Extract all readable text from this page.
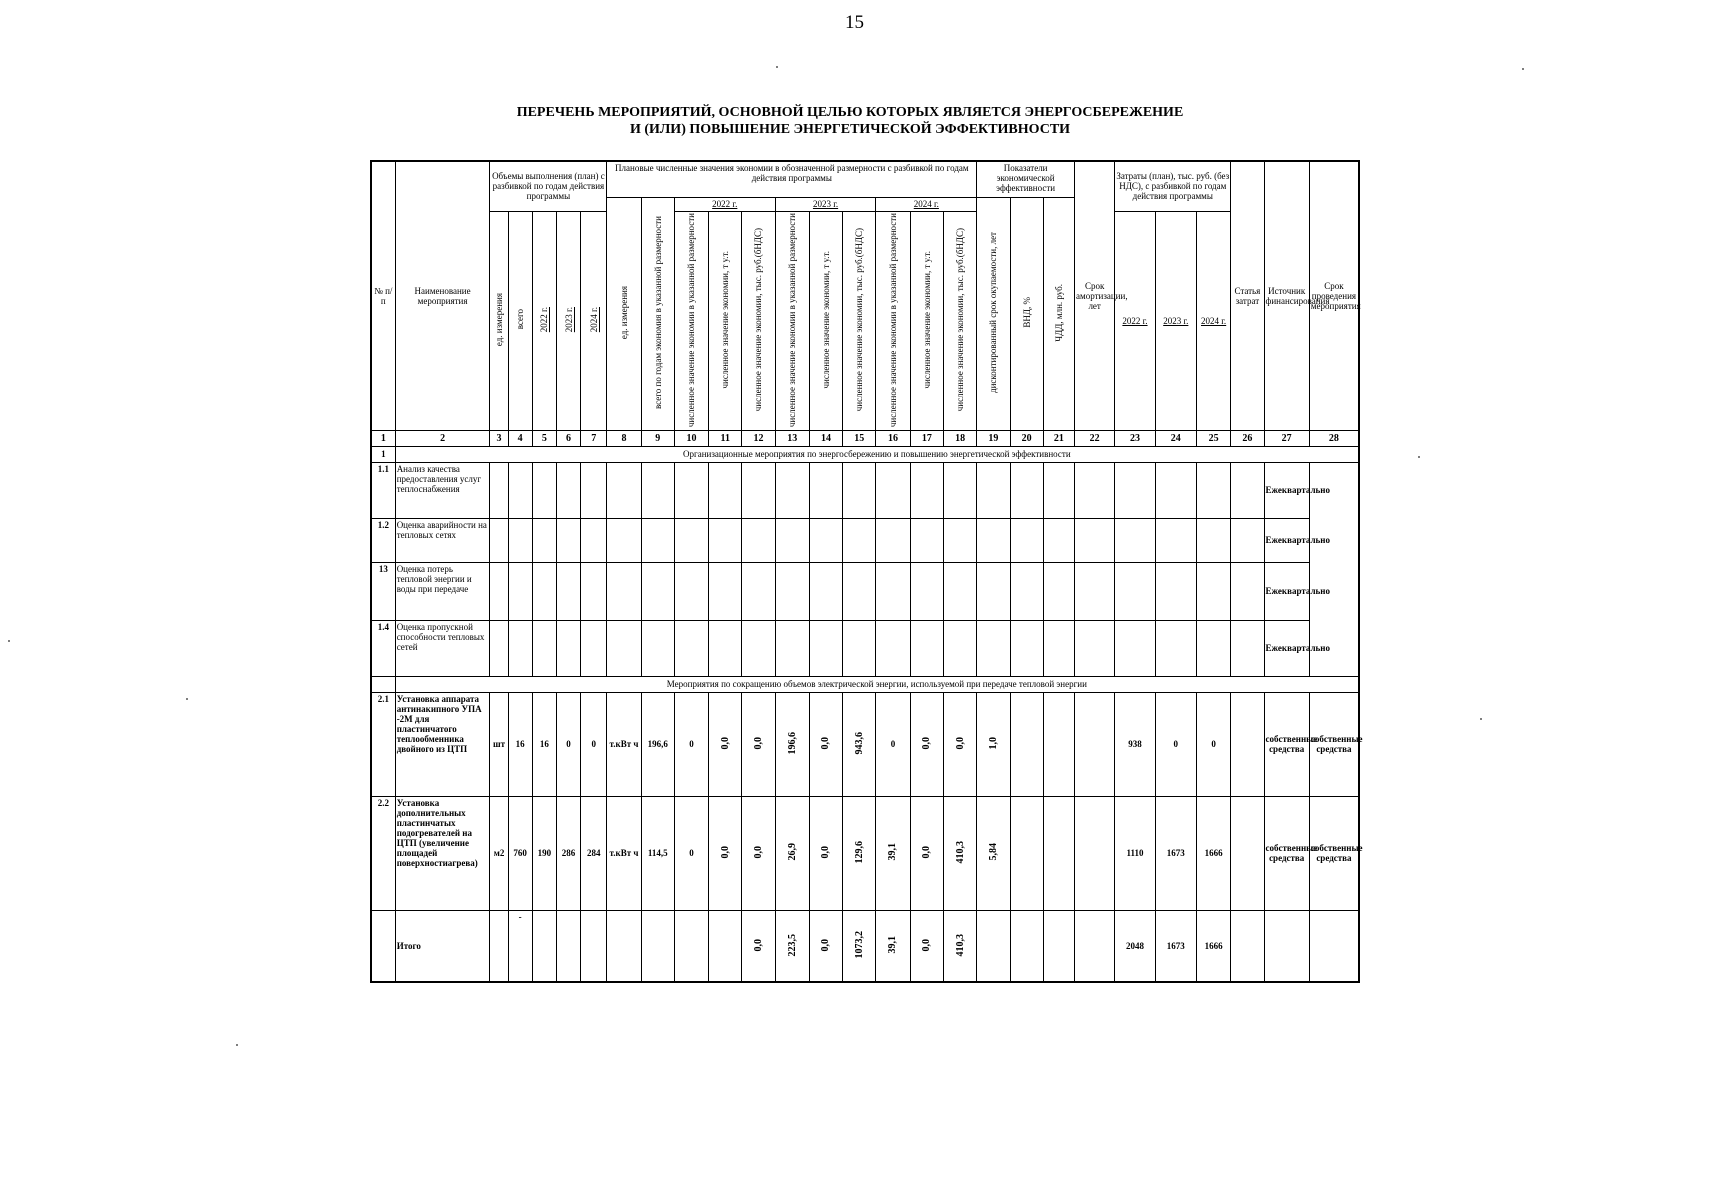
15
ПЕРЕЧЕНЬ МЕРОПРИЯТИЙ, ОСНОВНОЙ ЦЕЛЬЮ КОТОРЫХ ЯВЛЯЕТСЯ ЭНЕРГОСБЕРЕЖЕНИЕ
И (ИЛИ) ПОВЫШЕНИЕ ЭНЕРГЕТИЧЕСКОЙ ЭФФЕКТИВНОСТИ
№ п/п	Наименование мероприятия	Объемы выполнения (план) с разбивкой по годам действия программы					Плановые численные значения экономии в обозначенной размерности с разбивкой по годам действия программы											Показатели экономической эффективности			Срок амортизации, лет	Затраты (план), тыс. руб. (без НДС), с разбивкой по годам действия программы			Статья затрат	Источник финансирования	Срок проведения мероприятия

							ед. измерения	всего по годам экономия в указанной размерности	2022 г.			2023 г.			2024 г.			дисконтированный срок окупаемости, лет	ВНД, %	ЧДД, млн. руб.							
		ед. измерения	всего	2022 г.	2023 г.	2024 г.			численное значение экономии в указанной размерности	численное значение экономии, т у.т.	численное значение экономии, тыс. руб.(бНДС)	численное значение экономии в указанной размерности	численное значение экономии, т у.т.	численное значение экономии, тыс. руб.(бНДС)	численное значение экономии в указанной размерности	численное значение экономии, т у.т.	численное значение экономии, тыс. руб.(бНДС)					2022 г.	2023 г.	2024 г.			

1	2	3	4	5	6	7	8	9	10	11	12	13	14	15	16	17	18	19	20	21	22	23	24	25	26	27	28
1	Организационные мероприятия по энергосбережению и повышению энергетической эффективности																										
1.1	Анализ качества предоставления услуг теплоснабжения																									Ежеквартально	
1.2	Оценка аварийности на тепловых сетях																									Ежеквартально	
13	Оценка потерь тепловой энергии и воды при передаче																									Ежеквартально	
1.4	Оценка пропускной способности тепловых сетей																									Ежеквартально	
	Мероприятия по сокращению объемов электрической энергии, используемой при передаче тепловой энергии																										
2.1	Установка аппарата антинакипного УПА -2М для пластинчатого теплообменника двойного из ЦТП	шт	16	16	0	0	т.кВт ч	196,6	0	0,0	0,0	196,6	0,0	943,6	0	0,0	0,0	1,0				938	0	0		собственные средства	собственные средства
2.2	Установка дополнительных пластинчатых подогревателей на ЦТП (увеличение площадей поверхностиагрева)	м2	760	190	286	284	т.кВт ч	114,5	0	0,0	0,0	26,9	0,0	129,6	39,1	0,0	410,3	5,84				1110	1673	1666		собственные средства	собственные средства
	Итого		-								0,0	223,5	0,0	1073,2	39,1	0,0	410,3					2048	1673	1666			
